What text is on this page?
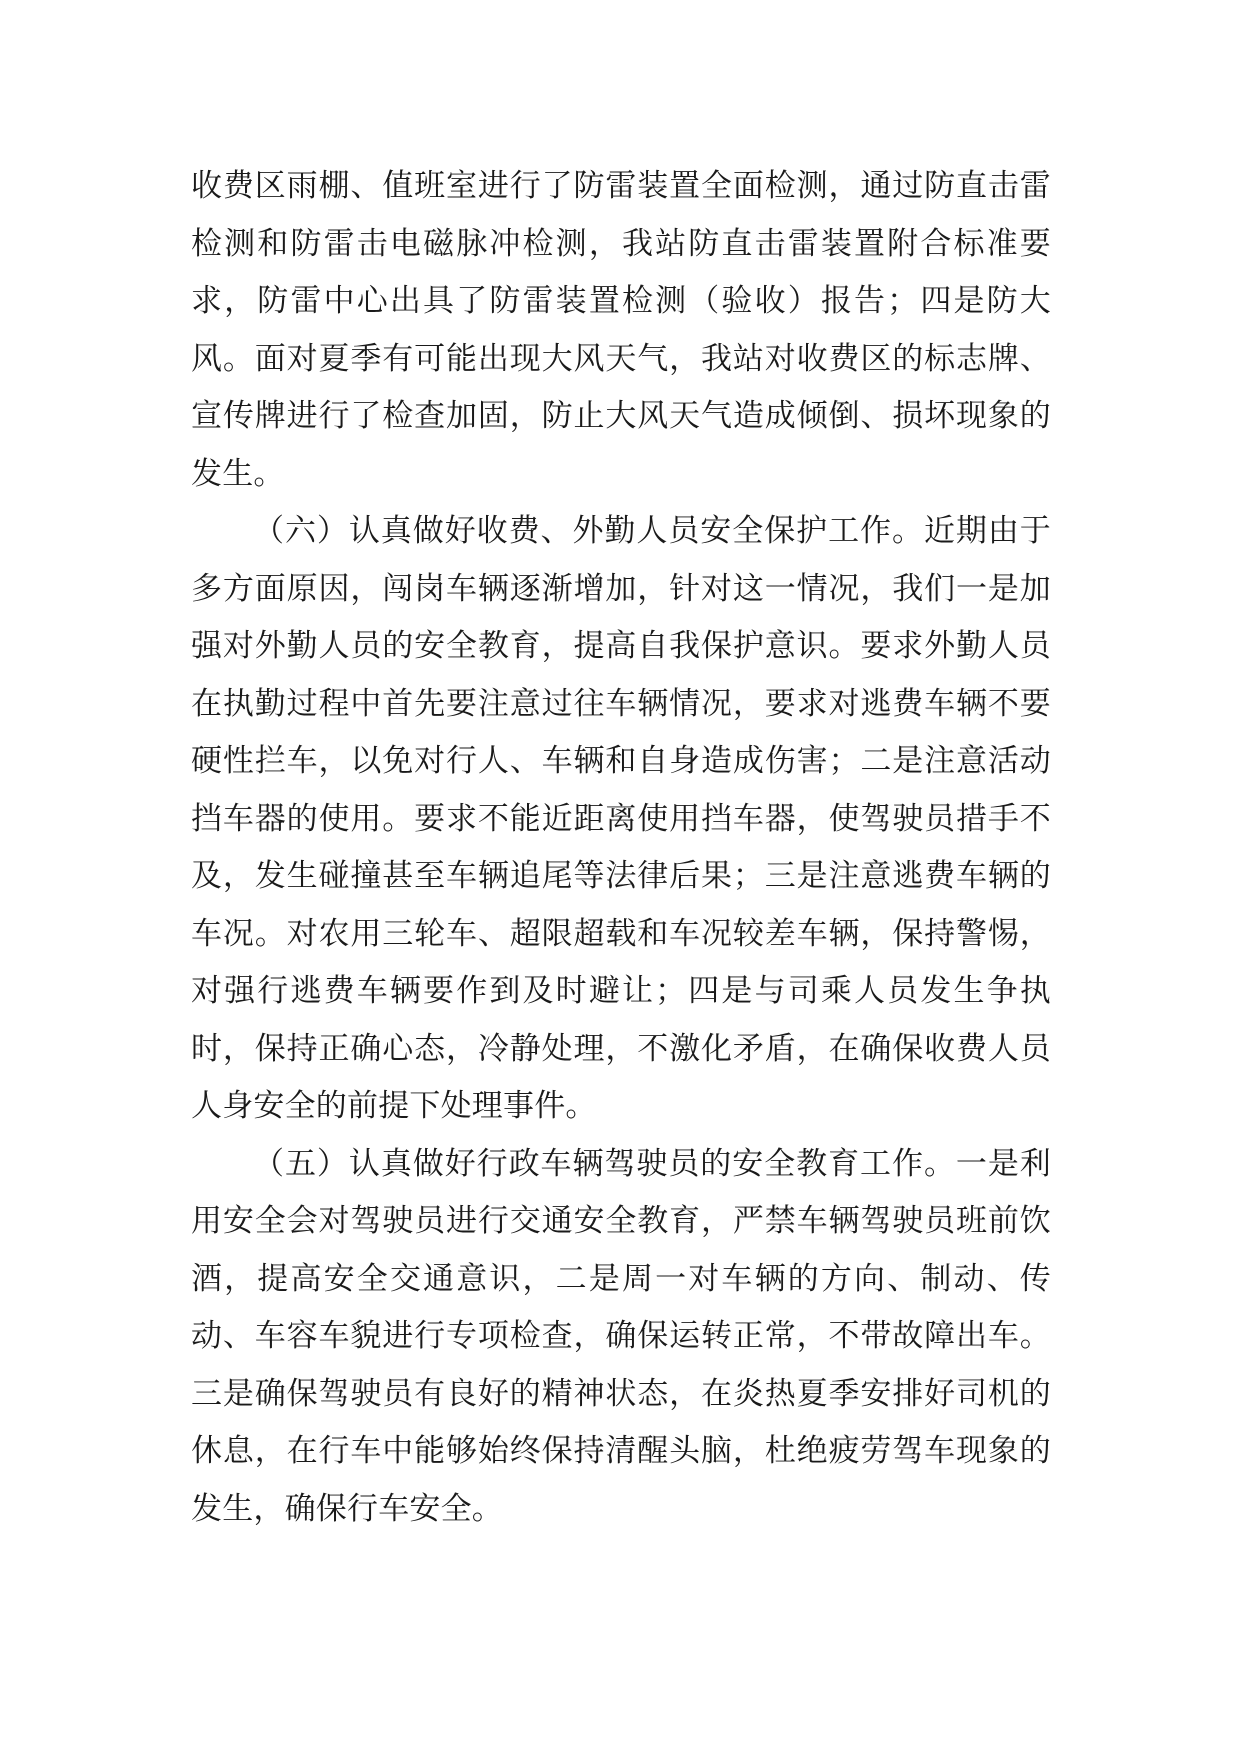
收费区雨棚、值班室进行了防雷装置全面检测，通过防直击雷检测和防雷击电磁脉冲检测，我站防直击雷装置附合标准要求，防雷中心出具了防雷装置检测（验收）报告；四是防大风。面对夏季有可能出现大风天气，我站对收费区的标志牌、宣传牌进行了检查加固，防止大风天气造成倾倒、损坏现象的发生。

（六）认真做好收费、外勤人员安全保护工作。近期由于多方面原因，闯岗车辆逐渐增加，针对这一情况，我们一是加强对外勤人员的安全教育，提高自我保护意识。要求外勤人员在执勤过程中首先要注意过往车辆情况，要求对逃费车辆不要硬性拦车，以免对行人、车辆和自身造成伤害；二是注意活动挡车器的使用。要求不能近距离使用挡车器，使驾驶员措手不及，发生碰撞甚至车辆追尾等法律后果；三是注意逃费车辆的车况。对农用三轮车、超限超载和车况较差车辆，保持警惕，对强行逃费车辆要作到及时避让；四是与司乘人员发生争执时，保持正确心态，冷静处理，不激化矛盾，在确保收费人员人身安全的前提下处理事件。

（五）认真做好行政车辆驾驶员的安全教育工作。一是利用安全会对驾驶员进行交通安全教育，严禁车辆驾驶员班前饮酒，提高安全交通意识，二是周一对车辆的方向、制动、传动、车容车貌进行专项检查，确保运转正常，不带故障出车。三是确保驾驶员有良好的精神状态，在炎热夏季安排好司机的休息，在行车中能够始终保持清醒头脑，杜绝疲劳驾车现象的发生，确保行车安全。
